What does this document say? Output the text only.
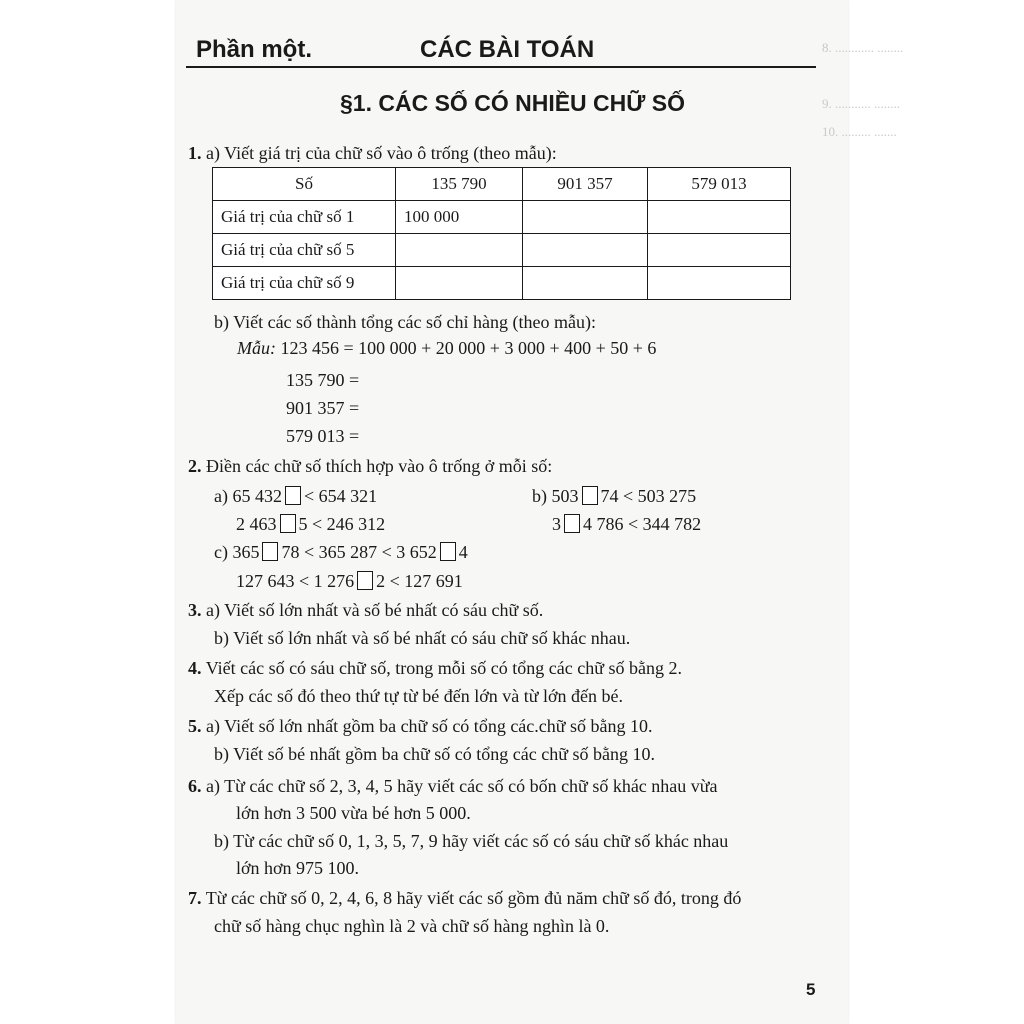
8. ............ ........
9. ........... ........
10. ......... .......
Phần một.	CÁC BÀI TOÁN
§1. CÁC SỐ CÓ NHIỀU CHỮ SỐ
1. a) Viết giá trị của chữ số vào ô trống (theo mẫu):
Số	135 790	901 357	579 013
Giá trị của chữ số 1	100 000		
Giá trị của chữ số 5			
Giá trị của chữ số 9			
b) Viết các số thành tổng các số chỉ hàng (theo mẫu):
Mẫu: 123 456 = 100 000 + 20 000 + 3 000 + 400 + 50 + 6
135 790 =
901 357 =
579 013 =
2. Điền các chữ số thích hợp vào ô trống ở mỗi số:
a) 65 432 < 654 321	b) 503 74 < 503 275
2 463 5 < 246 312	3 4 786 < 344 782
c) 365 78 < 365 287 < 3 652 4
127 643 < 1 276 2 < 127 691
3. a) Viết số lớn nhất và số bé nhất có sáu chữ số.
b) Viết số lớn nhất và số bé nhất có sáu chữ số khác nhau.
4. Viết các số có sáu chữ số, trong mỗi số có tổng các chữ số bằng 2.
Xếp các số đó theo thứ tự từ bé đến lớn và từ lớn đến bé.
5. a) Viết số lớn nhất gồm ba chữ số có tổng các.chữ số bằng 10.
b) Viết số bé nhất gồm ba chữ số có tổng các chữ số bằng 10.
6. a) Từ các chữ số 2, 3, 4, 5 hãy viết các số có bốn chữ số khác nhau vừa
lớn hơn 3 500 vừa bé hơn 5 000.
b) Từ các chữ số 0, 1, 3, 5, 7, 9 hãy viết các số có sáu chữ số khác nhau
lớn hơn 975 100.
7. Từ các chữ số 0, 2, 4, 6, 8 hãy viết các số gồm đủ năm chữ số đó, trong đó
chữ số hàng chục nghìn là 2 và chữ số hàng nghìn là 0.
5
